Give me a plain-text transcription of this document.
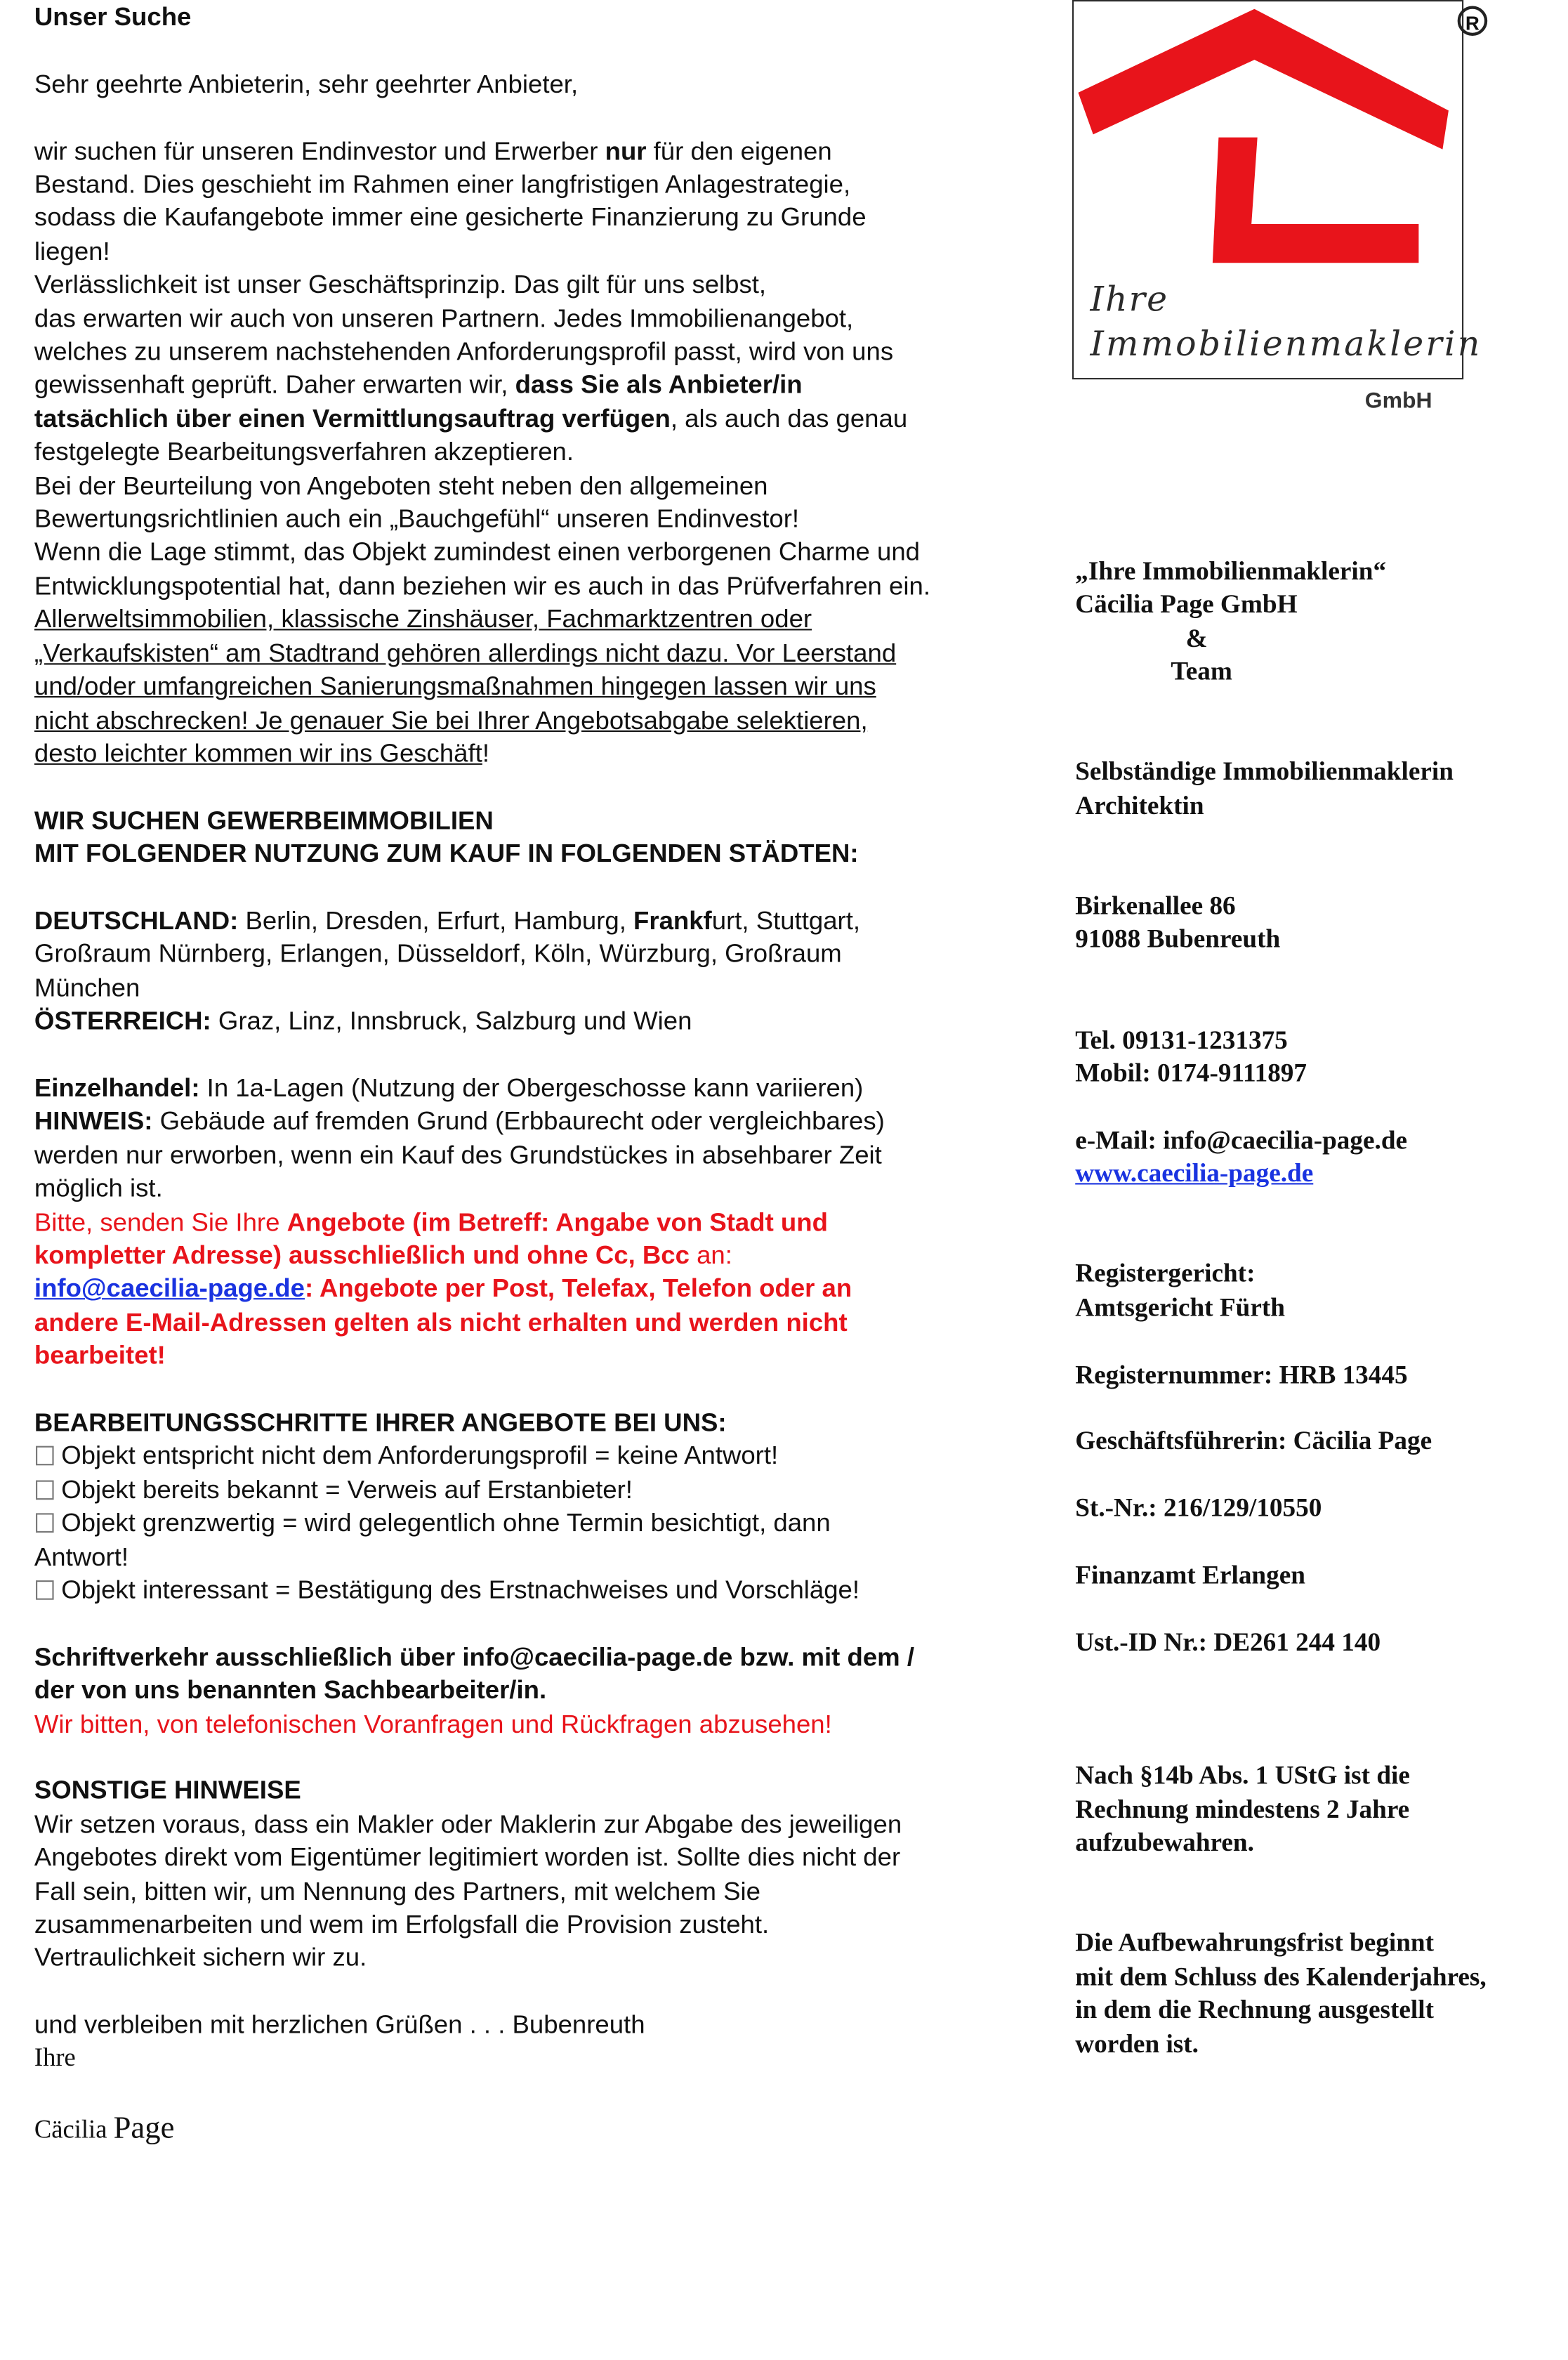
Unser Suche

Sehr geehrte Anbieterin, sehr geehrter Anbieter,

wir suchen für unseren Endinvestor und Erwerber nur für den eigenen

Bestand. Dies geschieht im Rahmen einer langfristigen Anlagestrategie,

sodass die Kaufangebote immer eine gesicherte Finanzierung zu Grunde

liegen!

Verlässlichkeit ist unser Geschäftsprinzip. Das gilt für uns selbst,

das erwarten wir auch von unseren Partnern. Jedes Immobilienangebot,

welches zu unserem nachstehenden Anforderungsprofil passt, wird von uns

gewissenhaft geprüft. Daher erwarten wir, dass Sie als Anbieter/in

tatsächlich über einen Vermittlungsauftrag verfügen, als auch das genau

festgelegte Bearbeitungsverfahren akzeptieren.

Bei der Beurteilung von Angeboten steht neben den allgemeinen

Bewertungsrichtlinien auch ein „Bauchgefühl“ unseren Endinvestor!

Wenn die Lage stimmt, das Objekt zumindest einen verborgenen Charme und

Entwicklungspotential hat, dann beziehen wir es auch in das Prüfverfahren ein.

Allerweltsimmobilien, klassische Zinshäuser, Fachmarktzentren oder

„Verkaufskisten“ am Stadtrand gehören allerdings nicht dazu. Vor Leerstand

und/oder umfangreichen Sanierungsmaßnahmen hingegen lassen wir uns

nicht abschrecken! Je genauer Sie bei Ihrer Angebotsabgabe selektieren,

desto leichter kommen wir ins Geschäft!

WIR SUCHEN GEWERBEIMMOBILIEN

MIT FOLGENDER NUTZUNG ZUM KAUF IN FOLGENDEN STÄDTEN:

DEUTSCHLAND: Berlin, Dresden, Erfurt, Hamburg, Frankfurt, Stuttgart,

Großraum Nürnberg, Erlangen, Düsseldorf, Köln, Würzburg, Großraum

München

ÖSTERREICH: Graz, Linz, Innsbruck, Salzburg und Wien

Einzelhandel: In 1a-Lagen (Nutzung der Obergeschosse kann variieren)

HINWEIS: Gebäude auf fremden Grund (Erbbaurecht oder vergleichbares)

werden nur erworben, wenn ein Kauf des Grundstückes in absehbarer Zeit

möglich ist.

Bitte, senden Sie Ihre Angebote (im Betreff: Angabe von Stadt und

kompletter Adresse) ausschließlich und ohne Cc, Bcc an:

info@caecilia-page.de: Angebote per Post, Telefax, Telefon oder an

andere E-Mail-Adressen gelten als nicht erhalten und werden nicht

bearbeitet!

BEARBEITUNGSSCHRITTE IHRER ANGEBOTE BEI UNS:

Objekt entspricht nicht dem Anforderungsprofil = keine Antwort!

Objekt bereits bekannt = Verweis auf Erstanbieter!

Objekt grenzwertig = wird gelegentlich ohne Termin besichtigt, dann

Antwort!

Objekt interessant = Bestätigung des Erstnachweises und Vorschläge!

Schriftverkehr ausschließlich über info@caecilia-page.de bzw. mit dem /

der von uns benannten Sachbearbeiter/in.

Wir bitten, von telefonischen Voranfragen und Rückfragen abzusehen!

SONSTIGE HINWEISE

Wir setzen voraus, dass ein Makler oder Maklerin zur Abgabe des jeweiligen

Angebotes direkt vom Eigentümer legitimiert worden ist. Sollte dies nicht der

Fall sein, bitten wir, um Nennung des Partners, mit welchem Sie

zusammenarbeiten und wem im Erfolgsfall die Provision zusteht.

Vertraulichkeit sichern wir zu.

und verbleiben mit herzlichen Grüßen . . . Bubenreuth

Ihre

Cäcilia Page

R
Ihre
Immobilienmaklerin
GmbH

„Ihre Immobilienmaklerin“

Cäcilia Page GmbH

&

Team

Selbständige Immobilienmaklerin

Architektin

Birkenallee 86

91088 Bubenreuth

Tel. 09131-1231375

Mobil: 0174-9111897

e-Mail: info@caecilia-page.de

www.caecilia-page.de

Registergericht:

Amtsgericht Fürth

Registernummer: HRB 13445

Geschäftsführerin: Cäcilia Page

St.-Nr.: 216/129/10550

Finanzamt Erlangen

Ust.-ID Nr.: DE261 244 140

Nach §14b Abs. 1 UStG ist die

Rechnung mindestens 2 Jahre

aufzubewahren.

Die Aufbewahrungsfrist beginnt

mit dem Schluss des Kalenderjahres,

in dem die Rechnung ausgestellt

worden ist.
